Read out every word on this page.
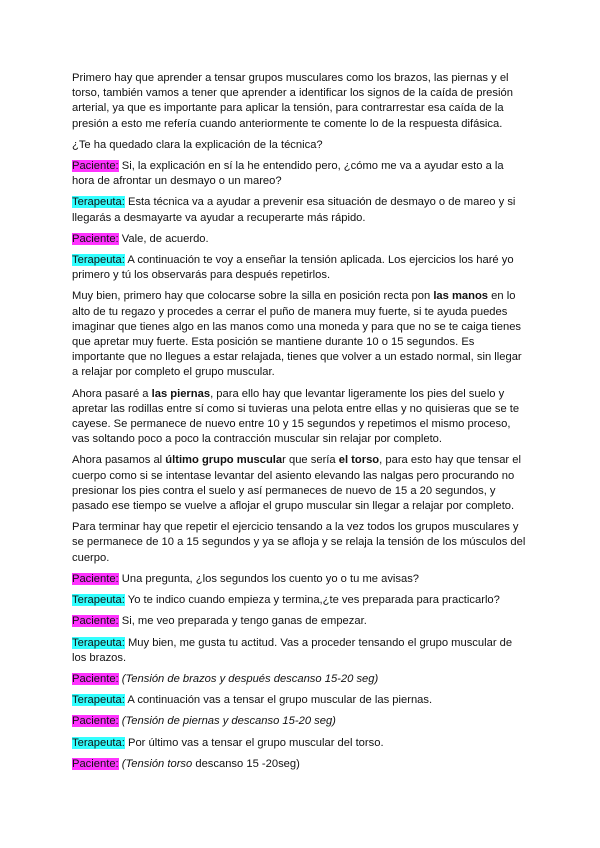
Primero hay que aprender a tensar grupos musculares como los brazos, las piernas y el torso, también vamos a tener que aprender a identificar los signos de la caída de presión arterial, ya que es importante para aplicar la tensión, para contrarrestar esa caída de la presión a esto me refería cuando anteriormente te comente lo de la respuesta difásica.

¿Te ha quedado clara la explicación de la técnica?

Paciente: Si, la explicación en sí la he entendido pero, ¿cómo me va a ayudar esto a la hora de afrontar un desmayo o un mareo?

Terapeuta: Esta técnica va a ayudar a prevenir esa situación de desmayo o de mareo y si llegarás a desmayarte va ayudar a recuperarte más rápido.

Paciente: Vale, de acuerdo.

Terapeuta: A continuación te voy a enseñar la tensión aplicada. Los ejercicios los haré yo primero y tú los observarás para después repetirlos.

Muy bien, primero hay que colocarse sobre la silla en posición recta pon las manos en lo alto de tu regazo y procedes a cerrar el puño de manera muy fuerte, si te ayuda puedes imaginar que tienes algo en las manos como una moneda y para que no se te caiga tienes que apretar muy fuerte. Esta posición se mantiene durante 10 o 15 segundos. Es importante que no llegues a estar relajada, tienes que volver a un estado normal, sin llegar a relajar por completo el grupo muscular.

Ahora pasaré a las piernas, para ello hay que levantar ligeramente los pies del suelo y apretar las rodillas entre sí como si tuvieras una pelota entre ellas y no quisieras que se te cayese. Se permanece de nuevo entre 10 y 15 segundos y repetimos el mismo proceso, vas soltando poco a poco la contracción muscular sin relajar por completo.

Ahora pasamos al último grupo muscular que sería el torso, para esto hay que tensar el cuerpo como si se intentase levantar del asiento elevando las nalgas pero procurando no presionar los pies contra el suelo y así permaneces de nuevo de 15 a 20 segundos, y pasado ese tiempo se vuelve a aflojar el grupo muscular sin llegar a relajar por completo.

Para terminar hay que repetir el ejercicio tensando a la vez todos los grupos musculares y se permanece de 10 a 15 segundos y ya se afloja y se relaja la tensión de los músculos del cuerpo.

Paciente: Una pregunta, ¿los segundos los cuento yo o tu me avisas?

Terapeuta: Yo te indico cuando empieza y termina,¿te ves preparada para practicarlo?

Paciente: Si, me veo preparada y tengo ganas de empezar.

Terapeuta: Muy bien, me gusta tu actitud. Vas a proceder tensando el grupo muscular de los brazos.

Paciente: (Tensión de brazos y después descanso 15-20 seg)

Terapeuta: A continuación vas a tensar el grupo muscular de las piernas.

Paciente: (Tensión de piernas y descanso 15-20 seg)

Terapeuta: Por último vas a tensar el grupo muscular del torso.

Paciente: (Tensión torso descanso 15 -20seg)
